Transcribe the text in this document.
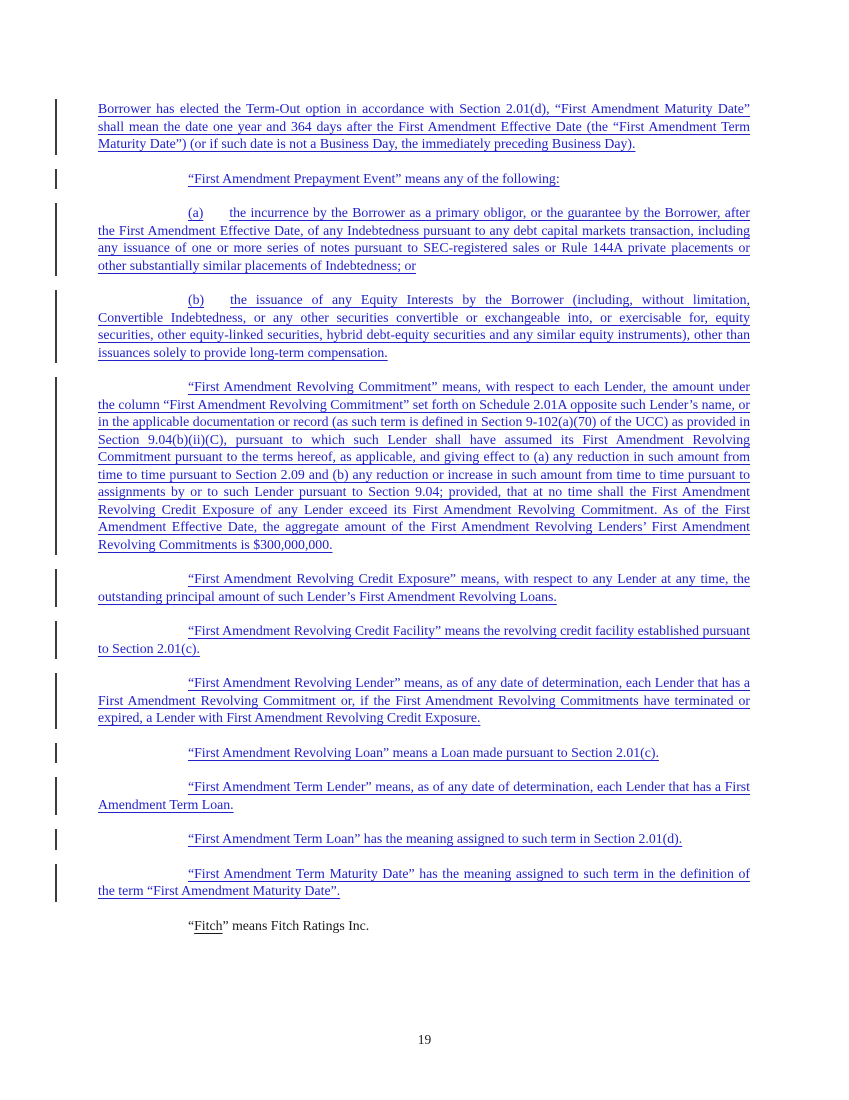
Borrower has elected the Term-Out option in accordance with Section 2.01(d), “First Amendment Maturity Date” shall mean the date one year and 364 days after the First Amendment Effective Date (the “First Amendment Term Maturity Date”) (or if such date is not a Business Day, the immediately preceding Business Day).
“First Amendment Prepayment Event” means any of the following:
(a) the incurrence by the Borrower as a primary obligor, or the guarantee by the Borrower, after the First Amendment Effective Date, of any Indebtedness pursuant to any debt capital markets transaction, including any issuance of one or more series of notes pursuant to SEC-registered sales or Rule 144A private placements or other substantially similar placements of Indebtedness; or
(b) the issuance of any Equity Interests by the Borrower (including, without limitation, Convertible Indebtedness, or any other securities convertible or exchangeable into, or exercisable for, equity securities, other equity-linked securities, hybrid debt-equity securities and any similar equity instruments), other than issuances solely to provide long-term compensation.
“First Amendment Revolving Commitment” means, with respect to each Lender, the amount under the column “First Amendment Revolving Commitment” set forth on Schedule 2.01A opposite such Lender’s name, or in the applicable documentation or record (as such term is defined in Section 9-102(a)(70) of the UCC) as provided in Section 9.04(b)(ii)(C), pursuant to which such Lender shall have assumed its First Amendment Revolving Commitment pursuant to the terms hereof, as applicable, and giving effect to (a) any reduction in such amount from time to time pursuant to Section 2.09 and (b) any reduction or increase in such amount from time to time pursuant to assignments by or to such Lender pursuant to Section 9.04; provided, that at no time shall the First Amendment Revolving Credit Exposure of any Lender exceed its First Amendment Revolving Commitment. As of the First Amendment Effective Date, the aggregate amount of the First Amendment Revolving Lenders’ First Amendment Revolving Commitments is $300,000,000.
“First Amendment Revolving Credit Exposure” means, with respect to any Lender at any time, the outstanding principal amount of such Lender’s First Amendment Revolving Loans.
“First Amendment Revolving Credit Facility” means the revolving credit facility established pursuant to Section 2.01(c).
“First Amendment Revolving Lender” means, as of any date of determination, each Lender that has a First Amendment Revolving Commitment or, if the First Amendment Revolving Commitments have terminated or expired, a Lender with First Amendment Revolving Credit Exposure.
“First Amendment Revolving Loan” means a Loan made pursuant to Section 2.01(c).
“First Amendment Term Lender” means, as of any date of determination, each Lender that has a First Amendment Term Loan.
“First Amendment Term Loan” has the meaning assigned to such term in Section 2.01(d).
“First Amendment Term Maturity Date” has the meaning assigned to such term in the definition of the term “First Amendment Maturity Date”.
“Fitch” means Fitch Ratings Inc.
19
